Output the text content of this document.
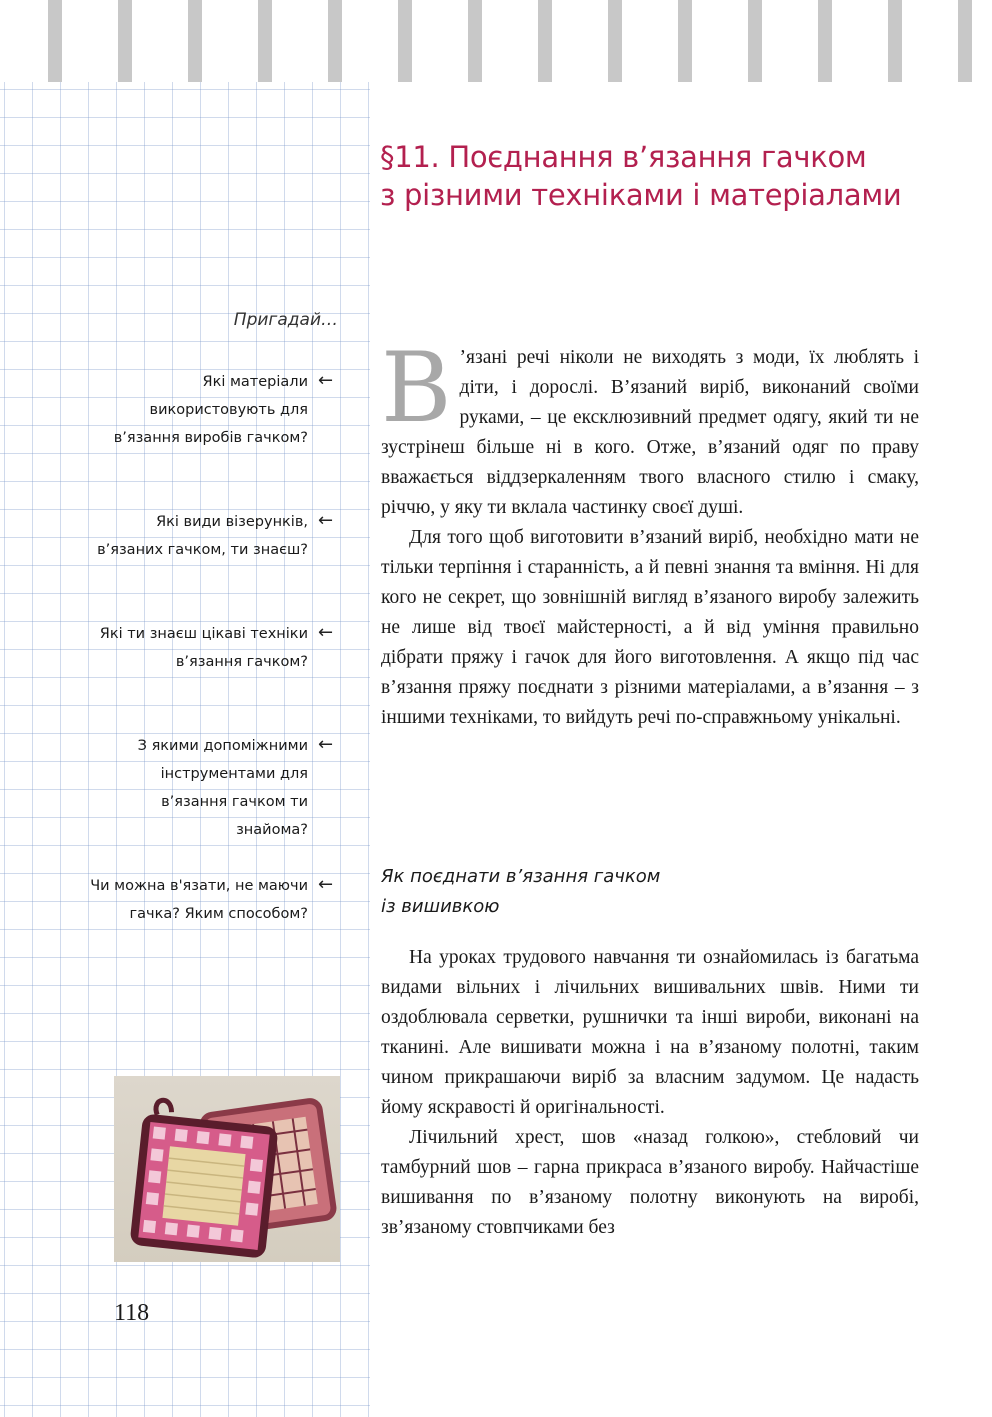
§11. Поєднання в’язання гачком
з різними техніками і матеріалами
Пригадай…
Які матеріали використовують для в’язання виробів гачком?
←
Які види візерунків, в’язаних гачком, ти знаєш?
←
Які ти знаєш цікаві техніки в’язання гачком?
←
З якими допоміжними інструментами для в’язання гачком ти знайома?
←
Чи можна в'язати, не маючи гачка? Яким способом?
←
118

В ’язані речі ніколи не виходять з моди, їх люблять і діти, і дорослі. В’язаний виріб, виконаний своїми руками, – це ексклюзивний предмет одягу, який ти не зустрінеш більше ні в кого. Отже, в’язаний одяг по праву вважається віддзеркаленням твого власного стилю і смаку, річчю, у яку ти вклала частинку своєї душі.

Для того щоб виготовити в’язаний виріб, необхідно мати не тільки терпіння і старанність, а й певні знання та вміння. Ні для кого не секрет, що зовнішній вигляд в’язаного виробу залежить не лише від твоєї майстерності, а й від уміння правильно дібрати пряжу і гачок для його виготовлення. А якщо під час в’язання пряжу поєднати з різними матеріалами, а в’язання – з іншими техніками, то вийдуть речі по-справжньому унікальні.

Як поєднати в’язання гачком
із вишивкою

На уроках трудового навчання ти ознайомилась із багатьма видами вільних і лічильних вишивальних швів. Ними ти оздоблювала серветки, рушнички та інші вироби, виконані на тканині. Але вишивати можна і на в’язаному полотні, таким чином прикрашаючи виріб за власним задумом. Це надасть йому яскравості й оригінальності.

Лічильний хрест, шов «назад голкою», стебловий чи тамбурний шов – гарна прикраса в’язаного виробу. Найчастіше вишивання по в’язаному полотну виконують на виробі, зв’язаному стовпчиками без
